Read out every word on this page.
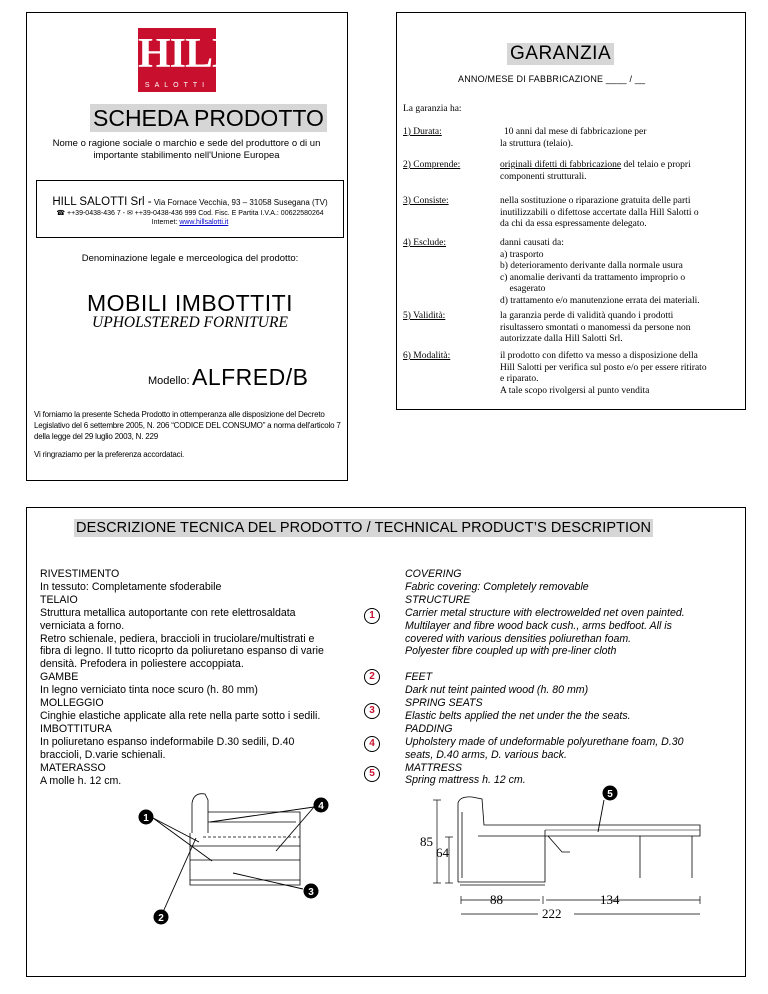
HILL
SALOTTI
SCHEDA PRODOTTO
Nome o ragione sociale o marchio e sede del produttore o di un importante stabilimento nell'Unione Europea
HILL SALOTTI Srl - Via Fornace Vecchia, 93 – 31058 Susegana (TV)
☎ ++39-0438-436 7 - ✉ ++39-0438-436 999 Cod. Fisc. E Partita I.V.A.: 00622580264
Internet: www.hillsalotti.it
Denominazione legale e merceologica del prodotto:
MOBILI IMBOTTITI
UPHOLSTERED FORNITURE
Modello: ALFRED/B
Vi forniamo la presente Scheda Prodotto in ottemperanza alle disposizione del Decreto Legislativo del 6 settembre 2005, N. 206 “CODICE DEL CONSUMO” a norma dell'articolo 7 della legge del 29 luglio 2003, N. 229
Vi ringraziamo per la preferenza accordataci.
GARANZIA
ANNO/MESE DI FABBRICAZIONE ____ / __
La garanzia ha:
1) Durata:	10 anni dal mese di fabbricazione per
la struttura (telaio).
2) Comprende:	originali difetti di fabbricazione del telaio e propri
componenti strutturali.
3) Consiste:	nella sostituzione o riparazione gratuita delle parti
inutilizzabili o difettose accertate dalla Hill Salotti o
da chi da essa espressamente delegato.
4) Esclude:	danni causati da:
a) trasporto
b) deterioramento derivante dalla normale usura
c) anomalie derivanti da trattamento improprio o
esagerato
d) trattamento e/o manutenzione errata dei materiali.
5) Validità:	la garanzia perde di validità quando i prodotti
risultassero smontati o manomessi da persone non
autorizzate dalla Hill Salotti Srl.
6) Modalità:	il prodotto con difetto va messo a disposizione della
Hill Salotti per verifica sul posto e/o per essere ritirato
e riparato.
A tale scopo rivolgersi al punto vendita
DESCRIZIONE TECNICA DEL PRODOTTO / TECHNICAL PRODUCT’S DESCRIPTION
RIVESTIMENTO
In tessuto: Completamente sfoderabile
TELAIO
Struttura metallica autoportante con rete elettrosaldata
verniciata a forno.
Retro schienale, pediera, braccioli in truciolare/multistrati e
fibra di legno. Il tutto ricoprto da poliuretano espanso di varie
densità. Prefodera in poliestere accoppiata.
GAMBE
In legno verniciato tinta noce scuro (h. 80 mm)
MOLLEGGIO
Cinghie elastiche applicate alla rete nella parte sotto i sedili.
IMBOTTITURA
In poliuretano espanso indeformabile D.30 sedili, D.40
braccioli, D.varie schienali.
MATERASSO
A molle h. 12 cm.
1
2
3
4
5
COVERING
Fabric covering: Completely removable
STRUCTURE
Carrier metal structure with electrowelded net oven painted.
Multilayer and fibre wood back cush., arms bedfoot. All is
covered with various densities poliurethan foam.
Polyester fibre coupled up with pre-liner cloth
FEET
Dark nut teint painted wood (h. 80 mm)
SPRING SEATS
Elastic belts applied the net under the the seats.
PADDING
Upholstery made of undeformable polyurethane foam, D.30
seats, D.40 arms, D. various back.
MATTRESS
Spring mattress h. 12 cm.
1
4
3
2
5
85
64
88	134
222
